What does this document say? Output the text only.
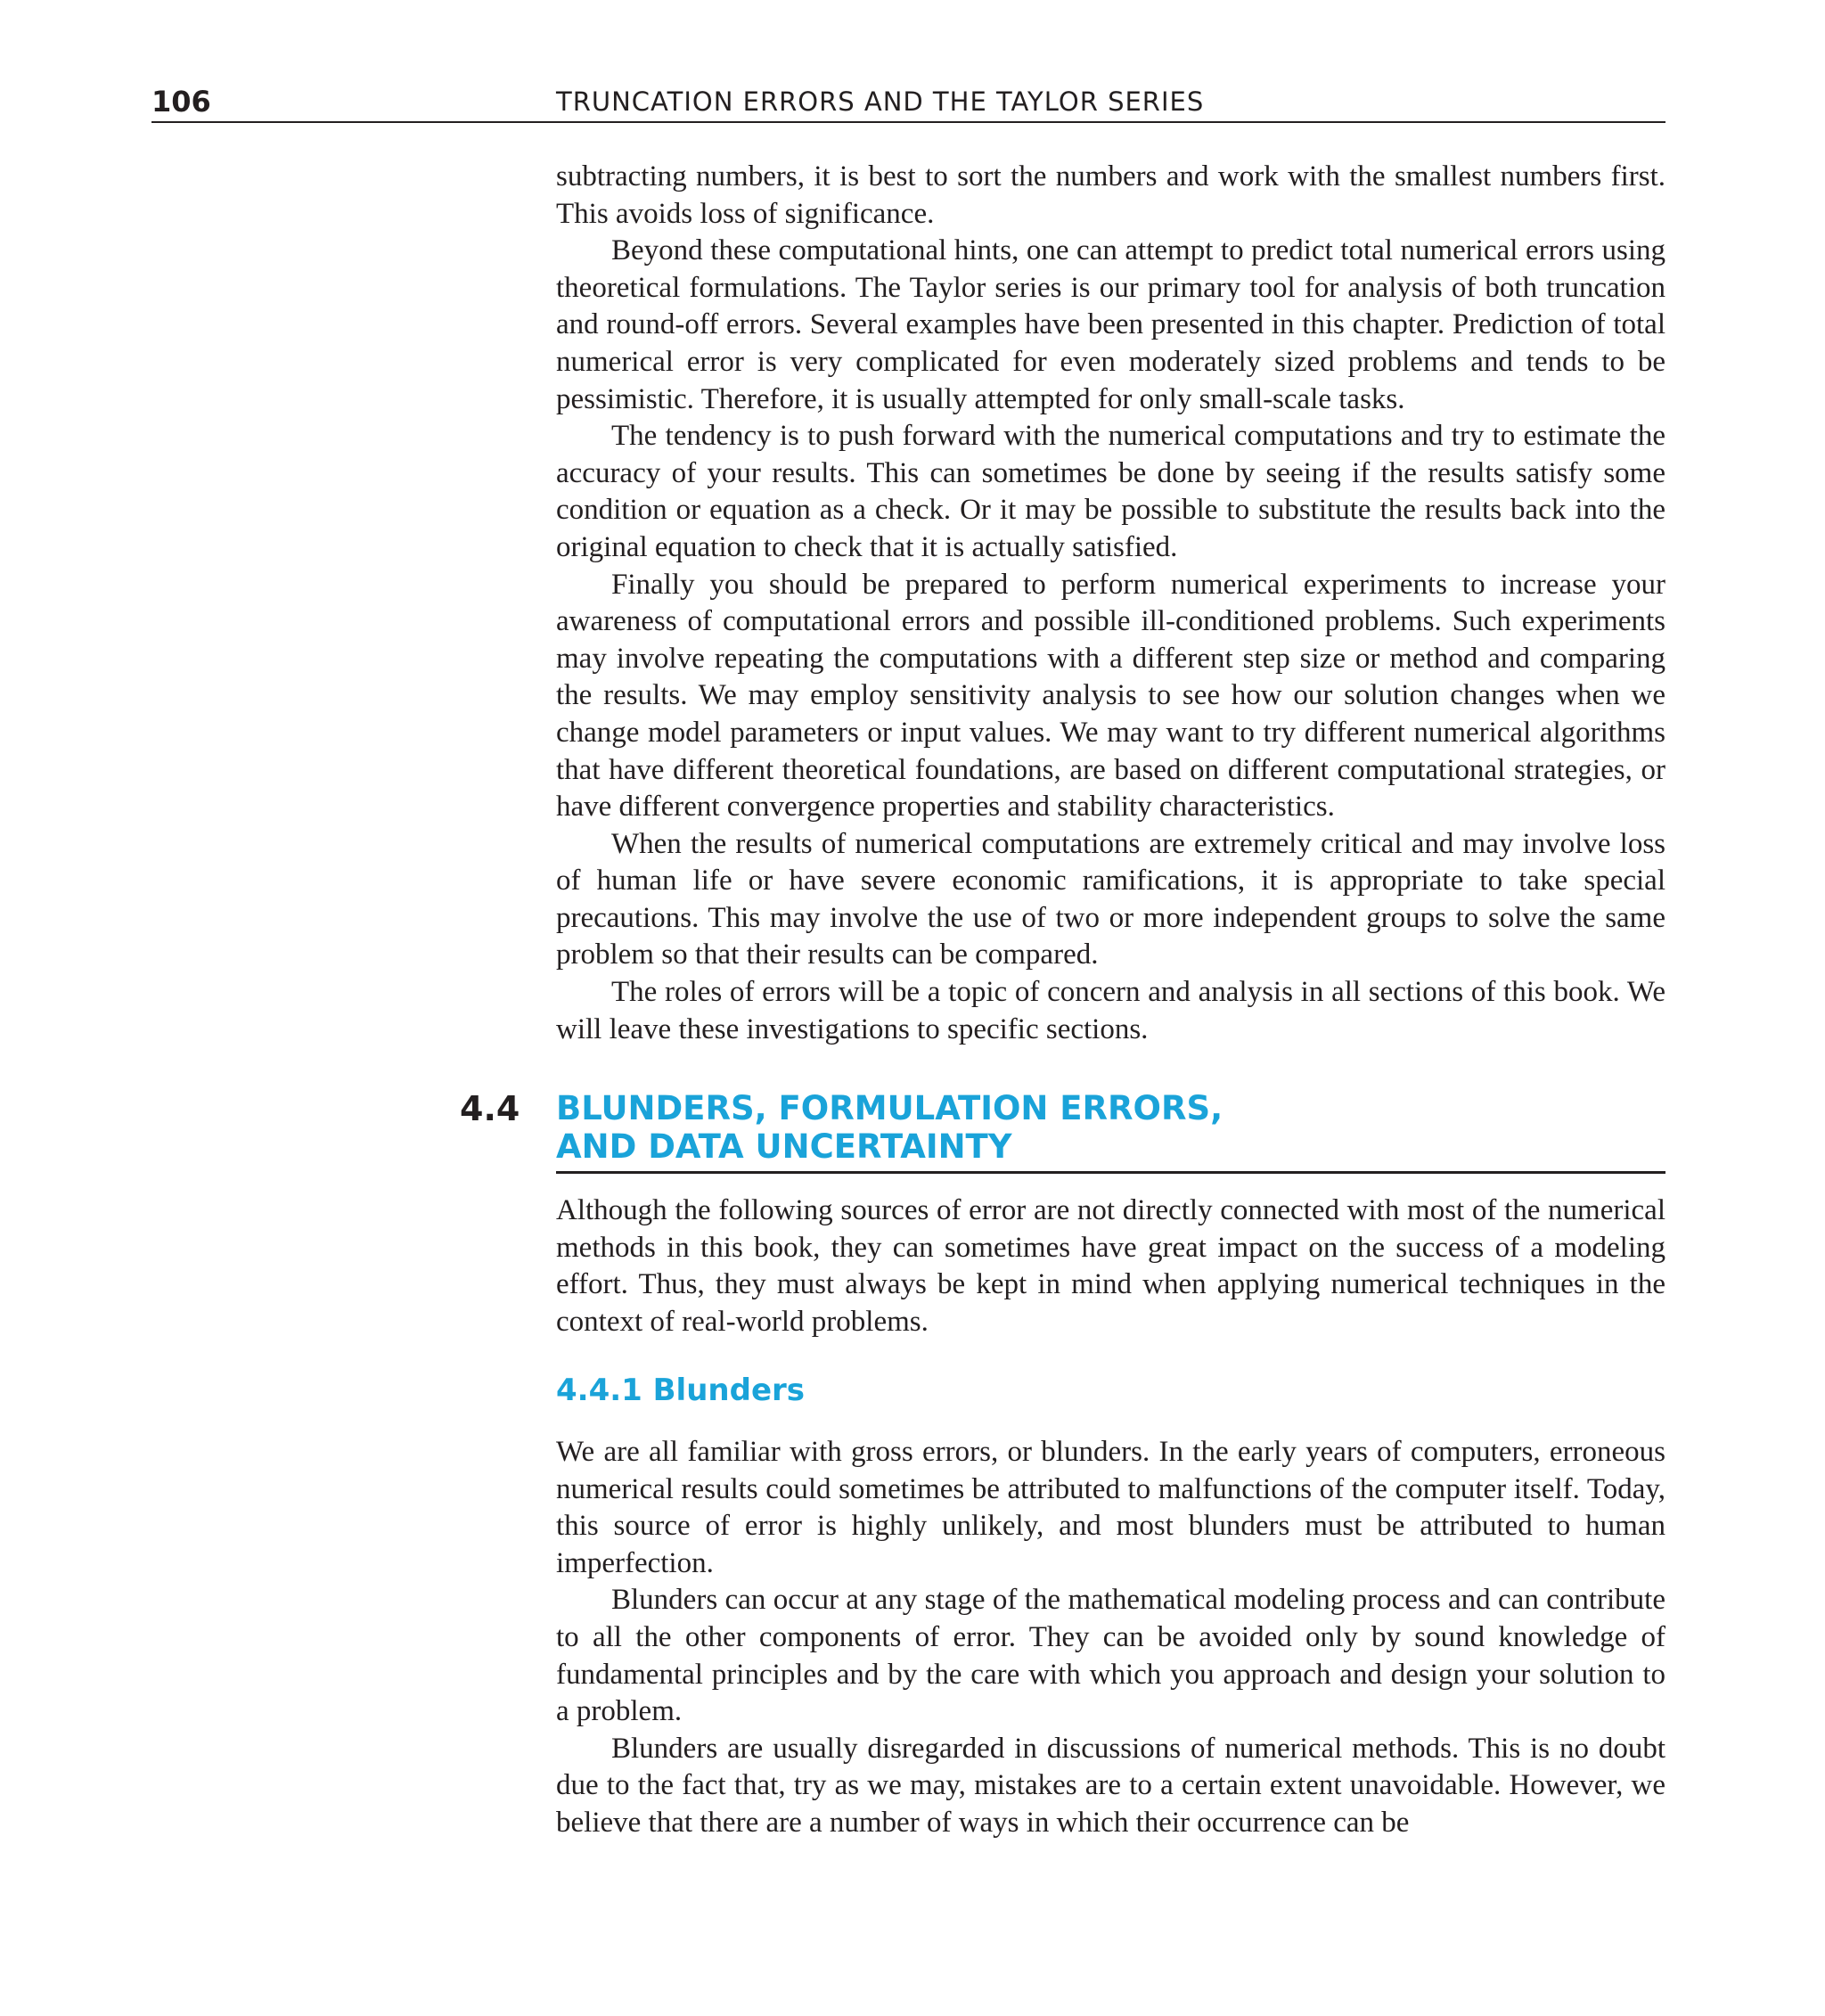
106	TRUNCATION ERRORS AND THE TAYLOR SERIES

subtracting numbers, it is best to sort the numbers and work with the smallest numbers first. This avoids loss of significance.

Beyond these computational hints, one can attempt to predict total numerical errors using theoretical formulations. The Taylor series is our primary tool for analysis of both truncation and round-off errors. Several examples have been presented in this chapter. Prediction of total numerical error is very complicated for even moderately sized problems and tends to be pessimistic. Therefore, it is usually attempted for only small-scale tasks.

The tendency is to push forward with the numerical computations and try to estimate the accuracy of your results. This can sometimes be done by seeing if the results satisfy some condition or equation as a check. Or it may be possible to substitute the results back into the original equation to check that it is actually satisfied.

Finally you should be prepared to perform numerical experiments to increase your awareness of computational errors and possible ill-conditioned problems. Such experiments may involve repeating the computations with a different step size or method and comparing the results. We may employ sensitivity analysis to see how our solution changes when we change model parameters or input values. We may want to try different numerical algorithms that have different theoretical foundations, are based on different computational strategies, or have different convergence properties and stability characteristics.

When the results of numerical computations are extremely critical and may involve loss of human life or have severe economic ramifications, it is appropriate to take special precautions. This may involve the use of two or more independent groups to solve the same problem so that their results can be compared.

The roles of errors will be a topic of concern and analysis in all sections of this book. We will leave these investigations to specific sections.

4.4 BLUNDERS, FORMULATION ERRORS,
AND DATA UNCERTAINTY

Although the following sources of error are not directly connected with most of the numerical methods in this book, they can sometimes have great impact on the success of a modeling effort. Thus, they must always be kept in mind when applying numerical techniques in the context of real-world problems.

4.4.1 Blunders

We are all familiar with gross errors, or blunders. In the early years of computers, erroneous numerical results could sometimes be attributed to malfunctions of the computer itself. Today, this source of error is highly unlikely, and most blunders must be attributed to human imperfection.

Blunders can occur at any stage of the mathematical modeling process and can contribute to all the other components of error. They can be avoided only by sound knowledge of fundamental principles and by the care with which you approach and design your solution to a problem.

Blunders are usually disregarded in discussions of numerical methods. This is no doubt due to the fact that, try as we may, mistakes are to a certain extent unavoidable. However, we believe that there are a number of ways in which their occurrence can be
